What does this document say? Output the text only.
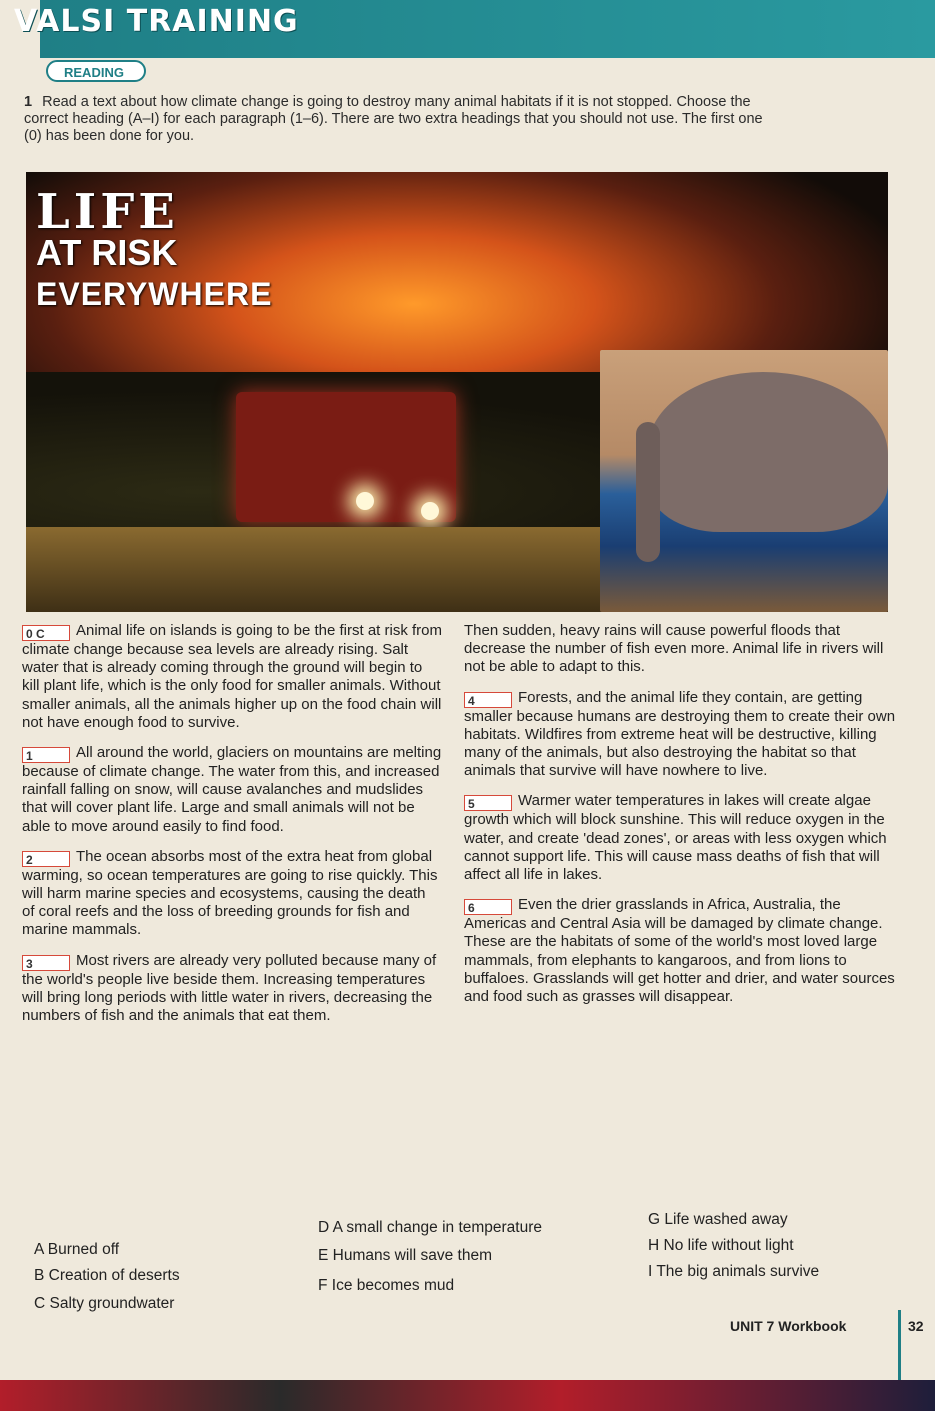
VALSI TRAINING
READING
1 Read a text about how climate change is going to destroy many animal habitats if it is not stopped. Choose the correct heading (A–I) for each paragraph (1–6). There are two extra headings that you should not use. The first one (0) has been done for you.
LIFE
AT RISK
EVERYWHERE

0 C Animal life on islands is going to be the first at risk from climate change because sea levels are already rising. Salt water that is already coming through the ground will begin to kill plant life, which is the only food for smaller animals. Without smaller animals, all the animals higher up on the food chain will not have enough food to survive.

1	All around the world, glaciers on mountains are melting because of climate change. The water from this, and increased rainfall falling on snow, will cause avalanches and mudslides that will cover plant life. Large and small animals will not be able to move around easily to find food.

2	The ocean absorbs most of the extra heat from global warming, so ocean temperatures are going to rise quickly. This will harm marine species and ecosystems, causing the death of coral reefs and the loss of breeding grounds for fish and marine mammals.

3	Most rivers are already very polluted because many of the world's people live beside them. Increasing temperatures will bring long periods with little water in rivers, decreasing the numbers of fish and the animals that eat them.

Then sudden, heavy rains will cause powerful floods that decrease the number of fish even more. Animal life in rivers will not be able to adapt to this.

4	Forests, and the animal life they contain, are getting smaller because humans are destroying them to create their own habitats. Wildfires from extreme heat will be destructive, killing many of the animals, but also destroying the habitat so that animals that survive will have nowhere to live.

5	Warmer water temperatures in lakes will create algae growth which will block sunshine. This will reduce oxygen in the water, and create 'dead zones', or areas with less oxygen which cannot support life. This will cause mass deaths of fish that will affect all life in lakes.

6	Even the drier grasslands in Africa, Australia, the Americas and Central Asia will be damaged by climate change. These are the habitats of some of the world's most loved large mammals, from elephants to kangaroos, and from lions to buffaloes. Grasslands will get hotter and drier, and water sources and food such as grasses will disappear.

A Burned off
B Creation of deserts
C Salty groundwater
D A small change in temperature
E Humans will save them
F Ice becomes mud
G Life washed away
H No life without light
I The big animals survive
UNIT 7 Workbook	32
